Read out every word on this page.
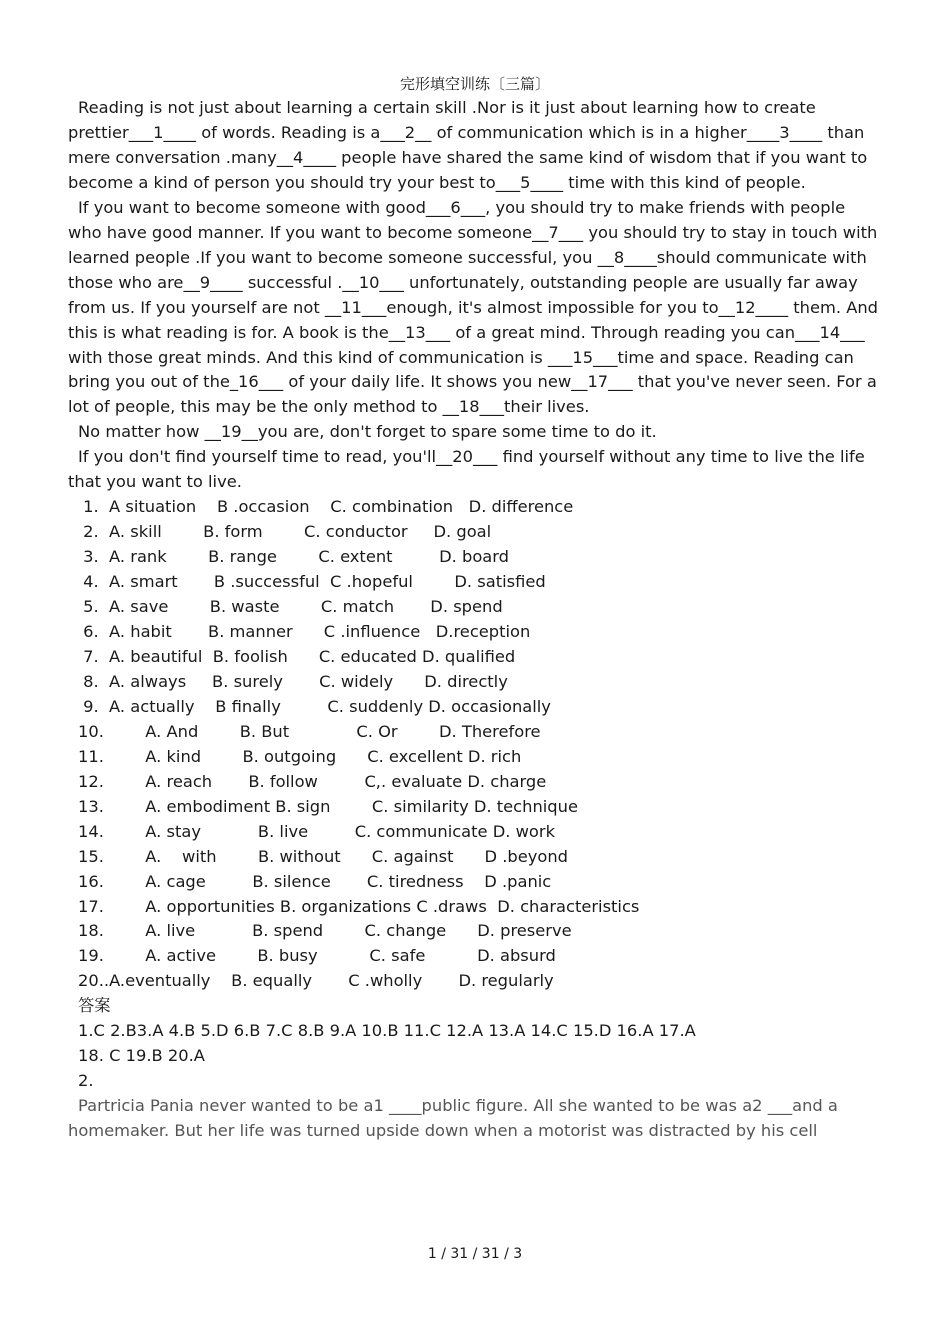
完形填空训练〔三篇〕

Reading is not just about learning a certain skill .Nor is it just about learning how to create prettier___1____ of words. Reading is a___2__ of communication which is in a higher____3____ than mere conversation .many__4____ people have shared the same kind of wisdom that if you want to become a kind of person you should try your best to___5____ time with this kind of people.

If you want to become someone with good___6___, you should try to make friends with people who have good manner. If you want to become someone__7___ you should try to stay in touch with learned people .If you want to become someone successful, you __8____should communicate with those who are__9____ successful .__10___ unfortunately, outstanding people are usually far away from us. If you yourself are not __11___enough, it's almost impossible for you to__12____ them. And this is what reading is for. A book is the__13___ of a great mind. Through reading you can___14___ with those great minds. And this kind of communication is ___15___time and space. Reading can bring you out of the_16___ of your daily life. It shows you new__17___ that you've never seen. For a lot of people, this may be the only method to __18___their lives.

No matter how __19__you are, don't forget to spare some time to do it.

If you don't find yourself time to read, you'll__20___ find yourself without any time to live the life that you want to live.

1.  A situation    B .occasion    C. combination   D. difference

2.  A. skill        B. form        C. conductor     D. goal

3.  A. rank        B. range        C. extent         D. board

4.  A. smart       B .successful  C .hopeful        D. satisfied

5.  A. save        B. waste        C. match       D. spend

6.  A. habit       B. manner      C .influence   D.reception

7.  A. beautiful  B. foolish      C. educated D. qualified

8.  A. always     B. surely       C. widely      D. directly

9.  A. actually    B finally         C. suddenly D. occasionally

10.        A. And        B. But             C. Or        D. Therefore

11.        A. kind        B. outgoing      C. excellent D. rich

12.        A. reach       B. follow         C,. evaluate D. charge

13.        A. embodiment B. sign        C. similarity D. technique

14.        A. stay           B. live         C. communicate D. work

15.        A.    with        B. without      C. against      D .beyond

16.        A. cage         B. silence       C. tiredness    D .panic

17.        A. opportunities B. organizations C .draws  D. characteristics

18.        A. live           B. spend        C. change      D. preserve

19.        A. active        B. busy          C. safe          D. absurd

20..A.eventually    B. equally       C .wholly       D. regularly

答案

1.C 2.B3.A 4.B 5.D 6.B 7.C 8.B 9.A 10.B 11.C 12.A 13.A 14.C 15.D 16.A 17.A

18. C 19.B 20.A

2.

Partricia Pania never wanted to be a1 ____public figure. All she wanted to be was a2 ___and a homemaker. But her life was turned upside down when a motorist was distracted by his cell

1 / 31 / 31 / 3
